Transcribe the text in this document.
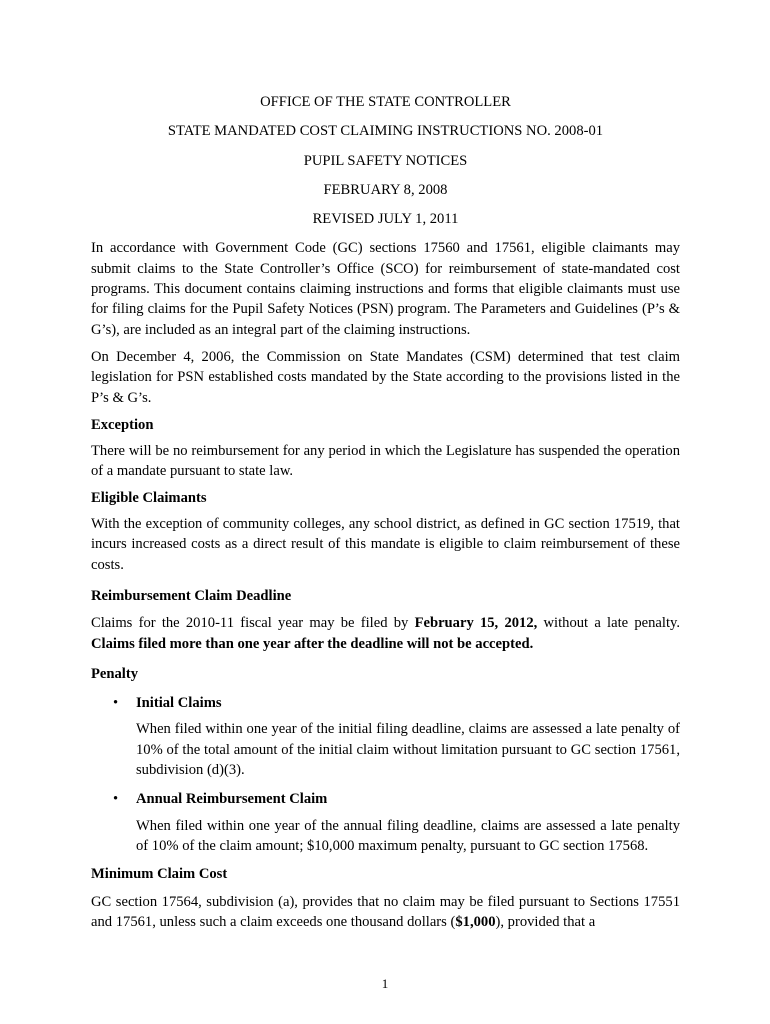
OFFICE OF THE STATE CONTROLLER

STATE MANDATED COST CLAIMING INSTRUCTIONS NO. 2008-01

PUPIL SAFETY NOTICES

FEBRUARY 8, 2008

REVISED JULY 1, 2011

In accordance with Government Code (GC) sections 17560 and 17561, eligible claimants may submit claims to the State Controller’s Office (SCO) for reimbursement of state-mandated cost programs. This document contains claiming instructions and forms that eligible claimants must use for filing claims for the Pupil Safety Notices (PSN) program. The Parameters and Guidelines (P’s & G’s), are included as an integral part of the claiming instructions.

On December 4, 2006, the Commission on State Mandates (CSM) determined that test claim legislation for PSN established costs mandated by the State according to the provisions listed in the P’s & G’s.

Exception

There will be no reimbursement for any period in which the Legislature has suspended the operation of a mandate pursuant to state law.

Eligible Claimants

With the exception of community colleges, any school district, as defined in GC section 17519, that incurs increased costs as a direct result of this mandate is eligible to claim reimbursement of these costs.

Reimbursement Claim Deadline

Claims for the 2010-11 fiscal year may be filed by February 15, 2012, without a late penalty. Claims filed more than one year after the deadline will not be accepted.

Penalty

• Initial Claims

When filed within one year of the initial filing deadline, claims are assessed a late penalty of 10% of the total amount of the initial claim without limitation pursuant to GC section 17561, subdivision (d)(3).

• Annual Reimbursement Claim

When filed within one year of the annual filing deadline, claims are assessed a late penalty of 10% of the claim amount; $10,000 maximum penalty, pursuant to GC section 17568.

Minimum Claim Cost

GC section 17564, subdivision (a), provides that no claim may be filed pursuant to Sections 17551 and 17561, unless such a claim exceeds one thousand dollars ($1,000), provided that a

1
